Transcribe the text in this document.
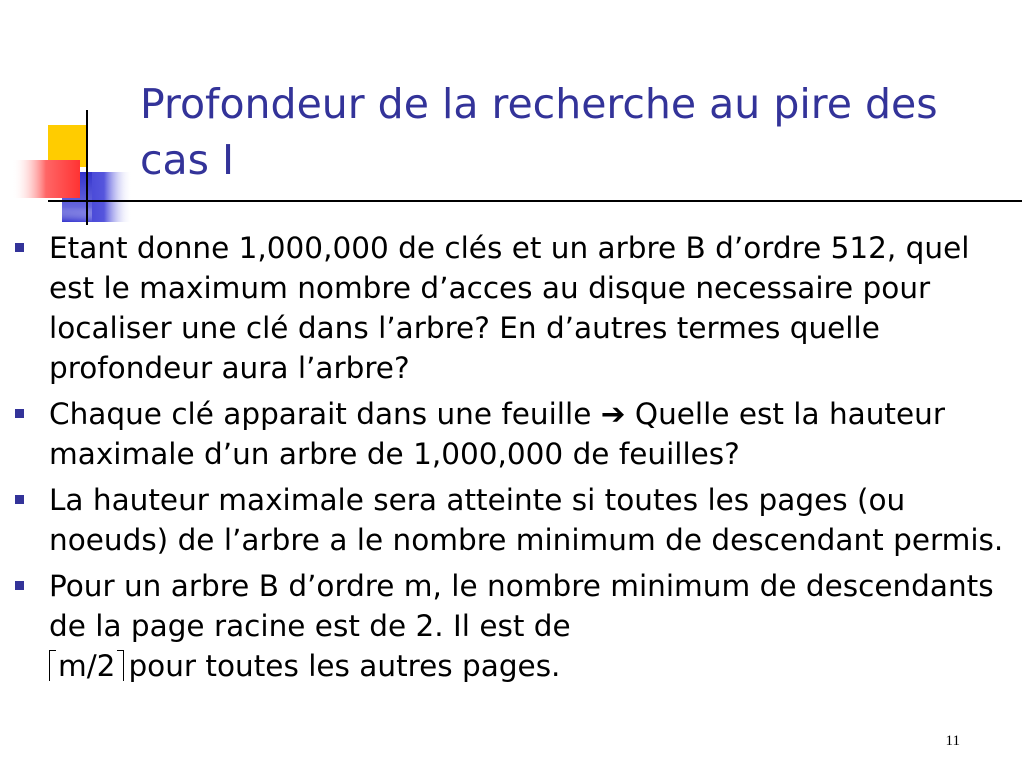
Profondeur de la recherche au pire des cas I
Etant donne 1,000,000 de clés et un arbre B d’ordre 512, quel est le maximum nombre d’acces au disque necessaire pour localiser une clé dans l’arbre? En d’autres termes quelle profondeur aura l’arbre?
Chaque clé apparait dans une feuille ➔ Quelle est la hauteur maximale d’un arbre de 1,000,000 de feuilles?
La hauteur maximale sera atteinte si toutes les pages (ou noeuds) de l’arbre a le nombre minimum de descendant permis.
Pour un arbre B d’ordre m, le nombre minimum de descendants de la page racine est de 2. Il est de
m/2 pour toutes les autres pages.
11
